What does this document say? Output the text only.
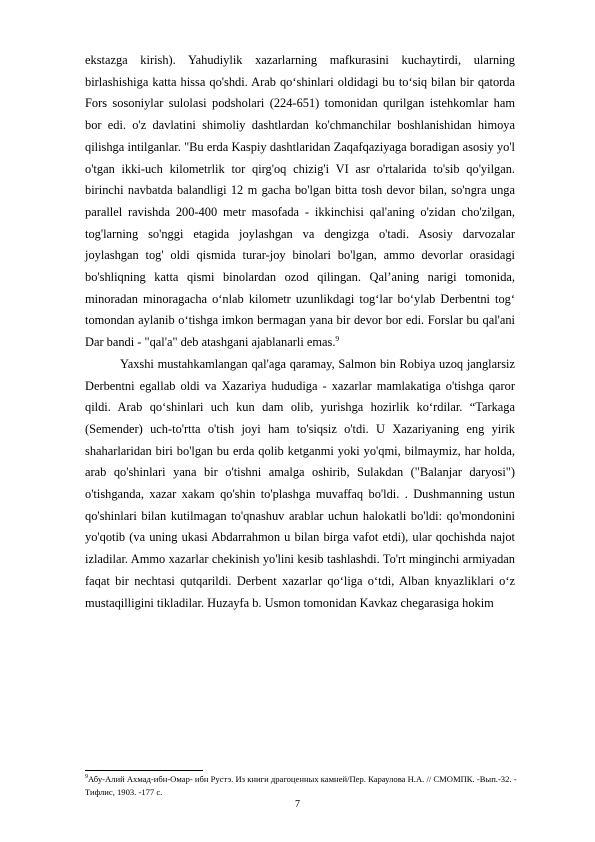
ekstazga kirish). Yahudiylik xazarlarning mafkurasini kuchaytirdi, ularning birlashishiga katta hissa qo'shdi. Arab qo‘shinlari oldidagi bu to‘siq bilan bir qatorda Fors sosoniylar sulolasi podsholari (224-651) tomonidan qurilgan istehkomlar ham bor edi. o'z davlatini shimoliy dashtlardan ko'chmanchilar boshlanishidan himoya qilishga intilganlar. "Bu erda Kaspiy dashtlaridan Zaqafqaziyaga boradigan asosiy yo'l o'tgan ikki-uch kilometrlik tor qirg'oq chizig'i VI asr o'rtalarida to'sib qo'yilgan. birinchi navbatda balandligi 12 m gacha bo'lgan bitta tosh devor bilan, so'ngra unga parallel ravishda 200-400 metr masofada - ikkinchisi qal'aning o'zidan cho'zilgan, tog'larning so'nggi etagida joylashgan va dengizga o'tadi. Asosiy darvozalar joylashgan tog' oldi qismida turar-joy binolari bo'lgan, ammo devorlar orasidagi bo'shliqning katta qismi binolardan ozod qilingan. Qal’aning narigi tomonida, minoradan minoragacha o‘nlab kilometr uzunlikdagi tog‘lar bo‘ylab Derbentni tog‘ tomondan aylanib o‘tishga imkon bermagan yana bir devor bor edi. Forslar bu qal'ani Dar bandi - "qal'a" deb atashgani ajablanarli emas.$^9$

Yaxshi mustahkamlangan qal'aga qaramay, Salmon bin Robiya uzoq janglarsiz Derbentni egallab oldi va Xazariya hududiga - xazarlar mamlakatiga o'tishga qaror qildi. Arab qo‘shinlari uch kun dam olib, yurishga hozirlik ko‘rdilar. “Tarkaga (Semender) uch-to'rtta o'tish joyi ham to'siqsiz o'tdi. U Xazariyaning eng yirik shaharlaridan biri bo'lgan bu erda qolib ketganmi yoki yo'qmi, bilmaymiz, har holda, arab qo'shinlari yana bir o'tishni amalga oshirib, Sulakdan ("Balanjar daryosi") o'tishganda, xazar xakam qo'shin to'plashga muvaffaq bo'ldi. . Dushmanning ustun qo'shinlari bilan kutilmagan to'qnashuv arablar uchun halokatli bo'ldi: qo'mondonini yo'qotib (va uning ukasi Abdarrahmon u bilan birga vafot etdi), ular qochishda najot izladilar. Ammo xazarlar chekinish yo'lini kesib tashlashdi. To'rt minginchi armiyadan faqat bir nechtasi qutqarildi. Derbent xazarlar qo‘liga o‘tdi, Alban knyazliklari o‘z mustaqilligini tikladilar. Huzayfa b. Usmon tomonidan Kavkaz chegarasiga hokim

$^9$Абу-Алий Ахмад-ибн-Омар- ибн Рустэ. Из книги драгоценных камней/Пер. Караулова Н.А. // СМОМПК. -Вып.-32. - Тифлис, 1903. -177 с.
7
